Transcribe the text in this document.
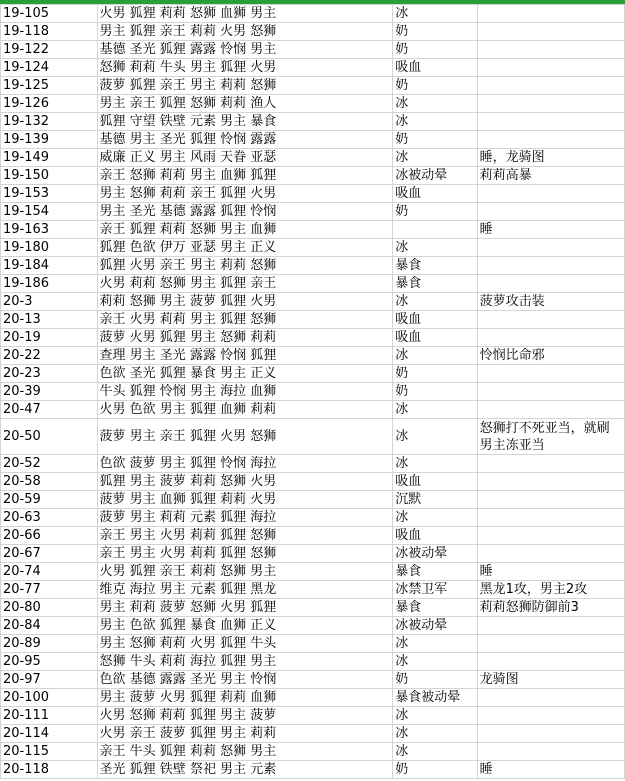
19-105	火男 狐狸 莉莉 怒狮 血狮 男主	冰	
19-118	男主 狐狸 亲王 莉莉 火男 怒狮	奶	
19-122	基德 圣光 狐狸 露露 怜悯 男主	奶	
19-124	怒狮 莉莉 牛头 男主 狐狸 火男	吸血	
19-125	菠萝 狐狸 亲王 男主 莉莉 怒狮	奶	
19-126	男主 亲王 狐狸 怒狮 莉莉 渔人	冰	
19-132	狐狸 守望 铁壁 元素 男主 暴食	冰	
19-139	基德 男主 圣光 狐狸 怜悯 露露	奶	
19-149	威廉 正义 男主 风雨 天眷 亚瑟	冰	睡，龙骑图
19-150	亲王 怒狮 莉莉 男主 血狮 狐狸	冰被动晕	莉莉高暴
19-153	男主 怒狮 莉莉 亲王 狐狸 火男	吸血	
19-154	男主 圣光 基德 露露 狐狸 怜悯	奶	
19-163	亲王 狐狸 莉莉 怒狮 男主 血狮		睡
19-180	狐狸 色欲 伊万 亚瑟 男主 正义	冰	
19-184	狐狸 火男 亲王 男主 莉莉 怒狮	暴食	
19-186	火男 莉莉 怒狮 男主 狐狸 亲王	暴食	
20-3	莉莉 怒狮 男主 菠萝 狐狸 火男	冰	菠萝攻击装
20-13	亲王 火男 莉莉 男主 狐狸 怒狮	吸血	
20-19	菠萝 火男 狐狸 男主 怒狮 莉莉	吸血	
20-22	查理 男主 圣光 露露 怜悯 狐狸	冰	怜悯比命邪
20-23	色欲 圣光 狐狸 暴食 男主 正义	奶	
20-39	牛头 狐狸 怜悯 男主 海拉 血狮	奶	
20-47	火男 色欲 男主 狐狸 血狮 莉莉	冰	
20-50	菠萝 男主 亲王 狐狸 火男 怒狮	冰	怒狮打不死亚当，就刷男主冻亚当
20-52	色欲 菠萝 男主 狐狸 怜悯 海拉	冰	
20-58	狐狸 男主 菠萝 莉莉 怒狮 火男	吸血	
20-59	菠萝 男主 血狮 狐狸 莉莉 火男	沉默	
20-63	菠萝 男主 莉莉 元素 狐狸 海拉	冰	
20-66	亲王 男主 火男 莉莉 狐狸 怒狮	吸血	
20-67	亲王 男主 火男 莉莉 狐狸 怒狮	冰被动晕	
20-74	火男 狐狸 亲王 莉莉 怒狮 男主	暴食	睡
20-77	维克 海拉 男主 元素 狐狸 黑龙	冰禁卫军	黑龙1攻，男主2攻
20-80	男主 莉莉 菠萝 怒狮 火男 狐狸	暴食	莉莉怒狮防御前3
20-84	男主 色欲 狐狸 暴食 血狮 正义	冰被动晕	
20-89	男主 怒狮 莉莉 火男 狐狸 牛头	冰	
20-95	怒狮 牛头 莉莉 海拉 狐狸 男主	冰	
20-97	色欲 基德 露露 圣光 男主 怜悯	奶	龙骑图
20-100	男主 菠萝 火男 狐狸 莉莉 血狮	暴食被动晕	
20-111	火男 怒狮 莉莉 狐狸 男主 菠萝	冰	
20-114	火男 亲王 菠萝 狐狸 男主 莉莉	冰	
20-115	亲王 牛头 狐狸 莉莉 怒狮 男主	冰	
20-118	圣光 狐狸 铁壁 祭祀 男主 元素	奶	睡
